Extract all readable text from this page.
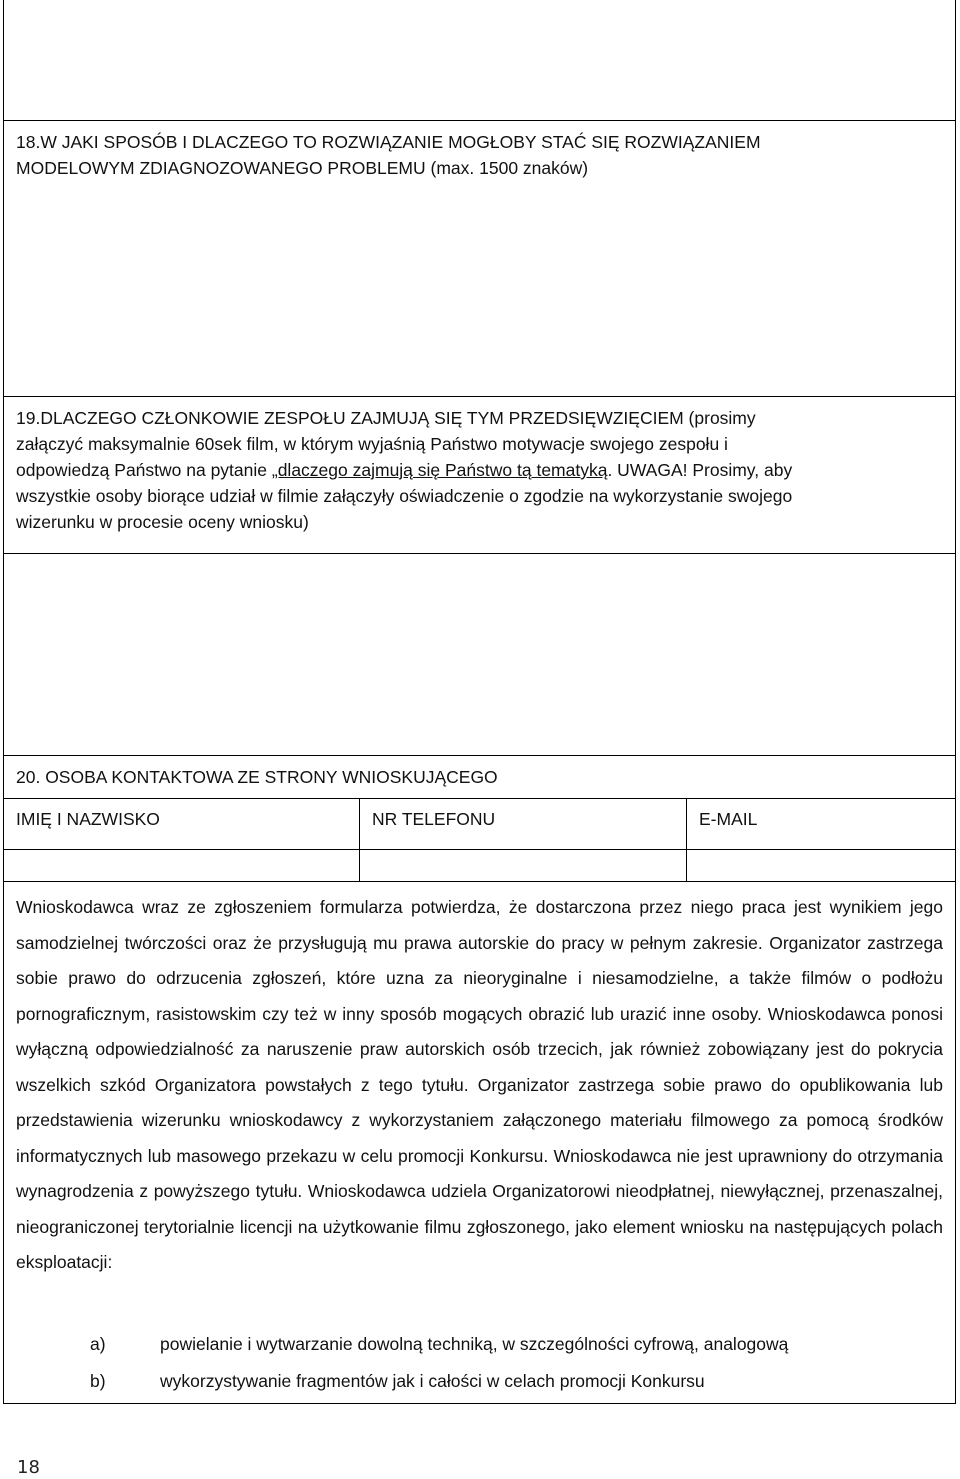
18.W JAKI SPOSÓB I DLACZEGO TO ROZWIĄZANIE MOGŁOBY STAĆ SIĘ ROZWIĄZANIEM
MODELOWYM ZDIAGNOZOWANEGO PROBLEMU (max. 1500 znaków)
19.DLACZEGO CZŁONKOWIE ZESPOŁU ZAJMUJĄ SIĘ TYM PRZEDSIĘWZIĘCIEM (prosimy
załączyć maksymalnie 60sek film, w którym wyjaśnią Państwo motywacje swojego zespołu i
odpowiedzą Państwo na pytanie „dlaczego zajmują się Państwo tą tematyką. UWAGA! Prosimy, aby
wszystkie osoby biorące udział w filmie załączyły oświadczenie o zgodzie na wykorzystanie swojego
wizerunku w procesie oceny wniosku)
20. OSOBA KONTAKTOWA ZE STRONY WNIOSKUJĄCEGO
IMIĘ I NAZWISKO	NR TELEFONU	E-MAIL
Wnioskodawca wraz ze zgłoszeniem formularza potwierdza, że dostarczona przez niego praca jest wynikiem jego samodzielnej twórczości oraz że przysługują mu prawa autorskie do pracy w pełnym zakresie. Organizator zastrzega sobie prawo do odrzucenia zgłoszeń, które uzna za nieoryginalne i niesamodzielne, a także filmów o podłożu pornograficznym, rasistowskim czy też w inny sposób mogących obrazić lub urazić inne osoby. Wnioskodawca ponosi wyłączną odpowiedzialność za naruszenie praw autorskich osób trzecich, jak również zobowiązany jest do pokrycia wszelkich szkód Organizatora powstałych z tego tytułu. Organizator zastrzega sobie prawo do opublikowania lub przedstawienia wizerunku wnioskodawcy z wykorzystaniem załączonego materiału filmowego za pomocą środków informatycznych lub masowego przekazu w celu promocji Konkursu. Wnioskodawca nie jest uprawniony do otrzymania wynagrodzenia z powyższego tytułu. Wnioskodawca udziela Organizatorowi nieodpłatnej, niewyłącznej, przenaszalnej, nieograniczonej terytorialnie licencji na użytkowanie filmu zgłoszonego, jako element wniosku na następujących polach eksploatacji:
a)	powielanie i wytwarzanie dowolną techniką, w szczególności cyfrową, analogową
b)	wykorzystywanie fragmentów jak i całości w celach promocji Konkursu
18
